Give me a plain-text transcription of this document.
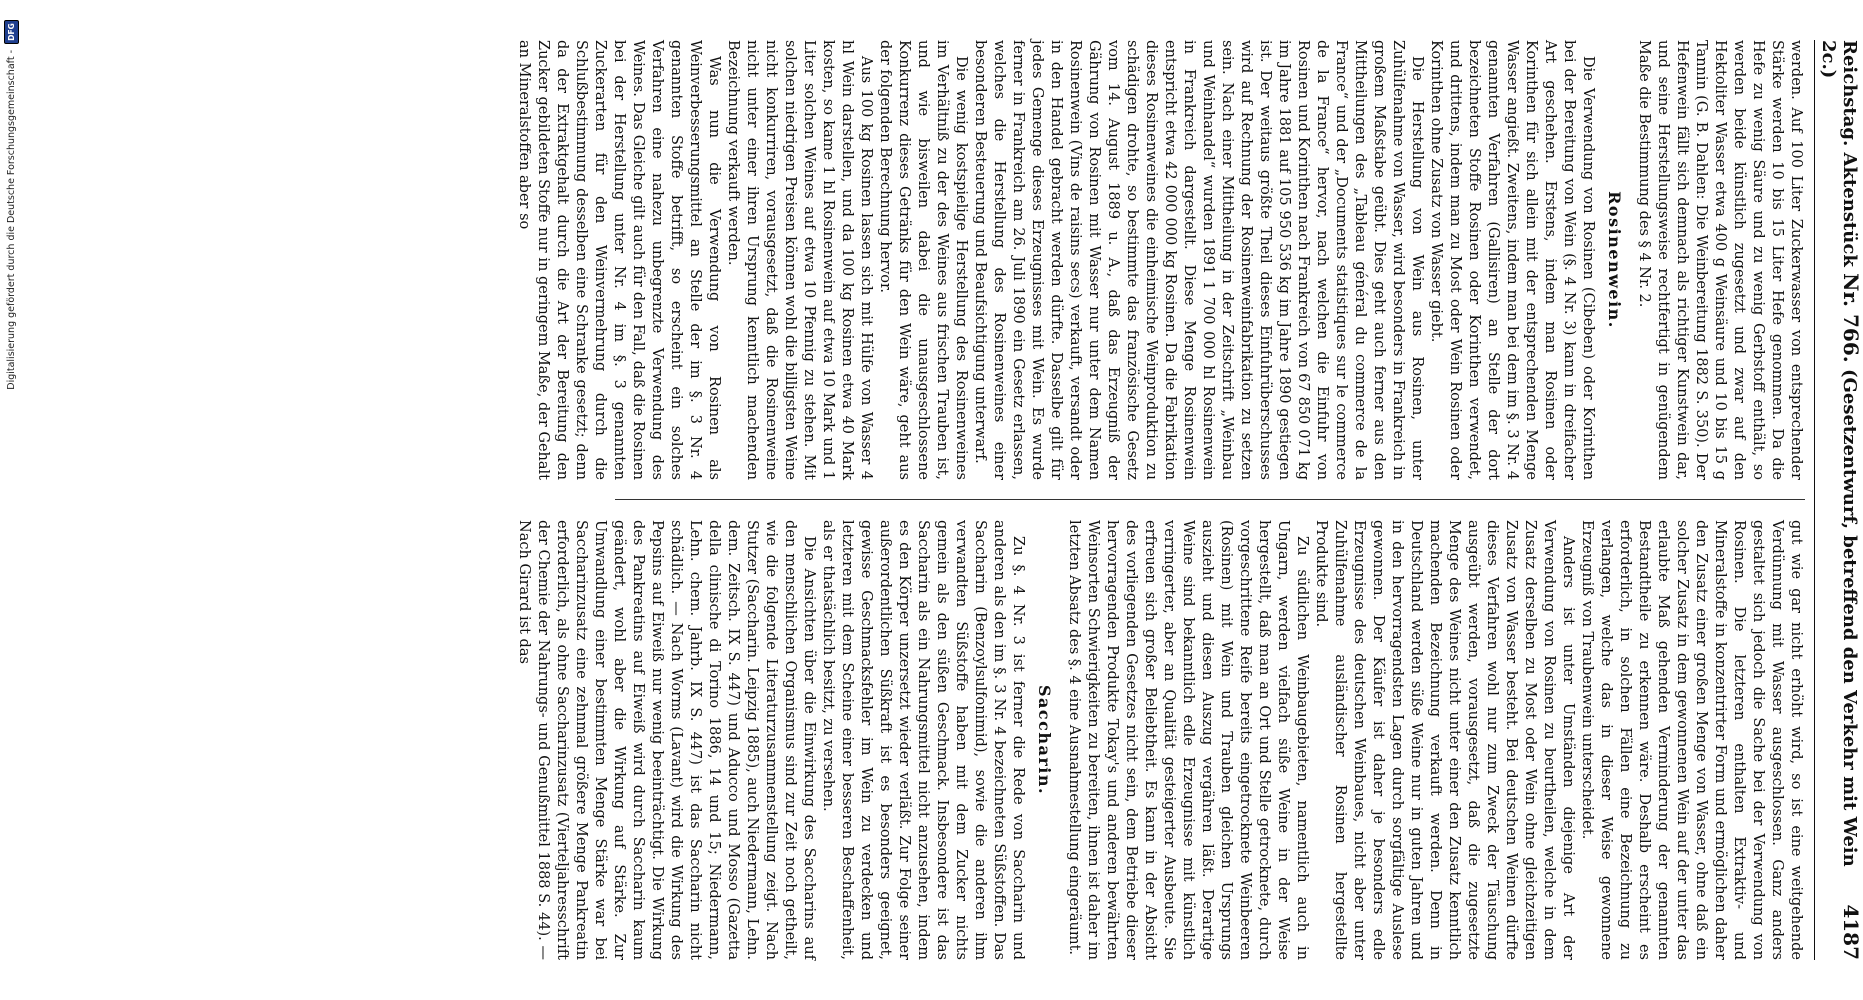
Digitalisierung gefördert durch die Deutsche Forschungsgemeinschaft -
DFG
Reichstag. Aktenstück Nr. 766. (Gesetzentwurf, betreffend den Verkehr mit Wein 2c.)
4187

werden. Auf 100 Liter Zuckerwasser von entsprechender Stärke werden 10 bis 15 Liter Hefe genommen. Da die Hefe zu wenig Säure und zu wenig Gerbstoff enthält, so werden beide künstlich zugesetzt und zwar auf den Hektoliter Wasser etwa 400 g Weinsäure und 10 bis 15 g Tannin (G. B. Dahlen: Die Weinbereitung 1882 S. 350). Der Hefenwein fällt sich demnach als richtiger Kunstwein dar, und seine Herstellungsweise rechtfertigt in genügendem Maße die Bestimmung des § 4 Nr. 2.

Rosinenwein.

Die Verwendung von Rosinen (Cibeben) oder Korinthen bei der Bereitung von Wein (§. 4 Nr. 3) kann in dreifacher Art geschehen. Erstens, indem man Rosinen oder Korinthen für sich allein mit der entsprechenden Menge Wasser angießt. Zweitens, indem man bei dem im §. 3 Nr. 4 genannten Verfahren (Gallisiren) an Stelle der dort bezeichneten Stoffe Rosinen oder Korinthen verwendet, und drittens, indem man zu Most oder Wein Rosinen oder Korinthen ohne Zusatz von Wasser giebt.

Die Herstellung von Wein aus Rosinen, unter Zuhülfenahme von Wasser, wird besonders in Frankreich in großem Maßstabe geübt. Dies geht auch ferner aus den Mittheilungen des „Tableau général du commerce de la France“ und der „Documents statistiques sur le commerce de la France“ hervor, nach welchen die Einfuhr von Rosinen und Korinthen nach Frankreich von 67 850 071 kg im Jahre 1881 auf 105 950 536 kg im Jahre 1890 gestiegen ist. Der weitaus größte Theil dieses Einfuhrüberschusses wird auf Rechnung der Rosinenweinfabrikation zu setzen sein. Nach einer Mittheilung in der Zeitschrift „Weinbau und Weinhandel“ wurden 1891 1 700 000 hl Rosinenwein in Frankreich dargestellt. Diese Menge Rosinenwein entspricht etwa 42 000 000 kg Rosinen. Da die Fabrikation dieses Rosinenweines die einheimische Weinproduktion zu schädigen drohte, so bestimmte das französische Gesetz vom 14. August 1889 u. A., daß das Erzeugniß der Gährung von Rosinen mit Wasser nur unter dem Namen Rosinenwein (Vins de raisins secs) verkauft, versandt oder in den Handel gebracht werden dürfte. Dasselbe gilt für jedes Gemenge dieses Erzeugnisses mit Wein. Es wurde ferner in Frankreich am 26. Juli 1890 ein Gesetz erlassen, welches die Herstellung des Rosinenweines einer besonderen Besteuerung und Beaufsichtigung unterwarf.

Die wenig kostspielige Herstellung des Rosinenweines im Verhältniß zu der des Weines aus frischen Trauben ist, und wie bisweilen dabei die unausgeschlossene Konkurrenz dieses Getränks für den Wein wäre, geht aus der folgenden Berechnung hervor.

Aus 100 kg Rosinen lassen sich mit Hülfe von Wasser 4 hl Wein darstellen, und da 100 kg Rosinen etwa 40 Mark kosten, so kame 1 hl Rosinenwein auf etwa 10 Mark und 1 Liter solchen Weines auf etwa 10 Pfennig zu stehen. Mit solchen niedrigen Preisen können wohl die billigsten Weine nicht konkurriren, vorausgesetzt, daß die Rosinenweine nicht unter einer ihren Ursprung kenntlich machenden Bezeichnung verkauft werden.

Was nun die Verwendung von Rosinen als Weinverbesserungsmittel an Stelle der im §. 3 Nr. 4 genannten Stoffe betrifft, so erscheint ein solches Verfahren eine nahezu unbegrenzte Verwendung des Weines. Das Gleiche gilt auch für den Fall, daß die Rosinen bei der Herstellung unter Nr. 4 im §. 3 genannten Zuckerarten für den Weinvermehrung durch die Schlußbestimmung desselben eine Schranke gesetzt; denn da der Extraktgehalt durch die Art der Bereitung den Zucker gebildeten Stoffe nur in geringem Maße, der Gehalt an Mineralstoffen aber so

gut wie gar nicht erhöht wird, so ist eine weitgehende Verdünnung mit Wasser ausgeschlossen. Ganz anders gestaltet sich jedoch die Sache bei der Verwendung von Rosinen. Die letzteren enthalten Extraktiv- und Mineralstoffe in konzentrirter Form und ermöglichen daher den Zusatz einer großen Menge von Wasser, ohne daß ein solcher Zusatz in dem gewonnenen Wein auf der unter das erlaubte Maß gehenden Verminderung der genannten Bestandtheile zu erkennen wäre. Deshalb erscheint es erforderlich, in solchen Fällen eine Bezeichnung zu verlangen, welche das in dieser Weise gewonnene Erzeugniß von Traubenwein unterscheidet.

Anders ist unter Umständen diejenige Art der Verwendung von Rosinen zu beurtheilen, welche in dem Zusatz derselben zu Most oder Wein ohne gleichzeitigen Zusatz von Wasser besteht. Bei deutschen Weinen dürfte dieses Verfahren wohl nur zum Zweck der Täuschung ausgeübt werden, vorausgesetzt, daß die zugesetzte Menge des Weines nicht unter einer den Zusatz kenntlich machenden Bezeichnung verkauft werden. Denn in Deutschland werden süße Weine nur in guten Jahren und in den hervorragendsten Lagen durch sorgfältige Auslese gewonnen. Der Käufer ist daher je besonders edle Erzeugnisse des deutschen Weinbaues, nicht aber unter Zuhülfenahme ausländischer Rosinen hergestellte Produkte sind.

Zu südlichen Weinbaugebieten, namentlich auch in Ungarn, werden vielfach süße Weine in der Weise hergestellt, daß man an Ort und Stelle getrocknete, durch vorgeschrittene Reife bereits eingetrocknete Weinbeeren (Rosinen) mit Wein und Trauben gleichen Ursprungs auszieht und diesen Auszug vergähren läßt. Derartige Weine sind bekanntlich edle Erzeugnisse mit künstlich verringerter, aber an Qualität gesteigerter Ausbeute. Sie erfreuen sich großer Beliebtheit. Es kann in der Absicht des vorliegenden Gesetzes nicht sein, dem Betriebe dieser hervorragenden Produkte Tokay's und anderen bewährten Weinsorten Schwierigkeiten zu bereiten, ihnen ist daher im letzten Absatz des §. 4 eine Ausnahmestellung eingeräumt.

Saccharin.

Zu §. 4 Nr. 3 ist ferner die Rede von Saccharin und anderen als den im §. 3 Nr. 4 bezeichneten Süßstoffen. Das Saccharin (Benzoylsulfonimid), sowie die anderen ihm verwandten Süßstoffe haben mit dem Zucker nichts gemein als den süßen Geschmack. Insbesondere ist das Saccharin als ein Nahrungsmittel nicht anzusehen, indem es den Körper unzersetzt wieder verläßt. Zur Folge seiner außerordentlichen Süßkraft ist es besonders geeignet, gewisse Geschmacksfehler im Wein zu verdecken und letzteren mit dem Scheine einer besseren Beschaffenheit, als er thatsächlich besitzt, zu versehen.

Die Ansichten über die Einwirkung des Saccharins auf den menschlichen Organismus sind zur Zeit noch getheilt, wie die folgende Literaturzusammenstellung zeigt. Nach Stutzer (Saccharin. Leipzig 1885), auch Niedermann, Lehn. dem. Zeitsch. IX S. 447) und Aducco und Mosso (Gazetta della clinische di Torino 1886, 14 und 15; Niedermann, Lehn. chem. Jahrb. IX S. 447) ist das Saccharin nicht schädlich. — Nach Worms (Lavant) wird die Wirkung des Pepsins auf Eiweiß nur wenig beeinträchtigt. Die Wirkung des Pankreatins auf Eiweiß wird durch Saccharin kaum geändert, wohl aber die Wirkung auf Stärke. Zur Umwandlung einer bestimmten Menge Stärke war bei Saccharinzusatz eine zehnmal größere Menge Pankreatin erforderlich, als ohne Saccharinzusatz (Vierteljahresschrift der Chemie der Nahrungs- und Genußmittel 1888 S. 44). — Nach Girard ist das
